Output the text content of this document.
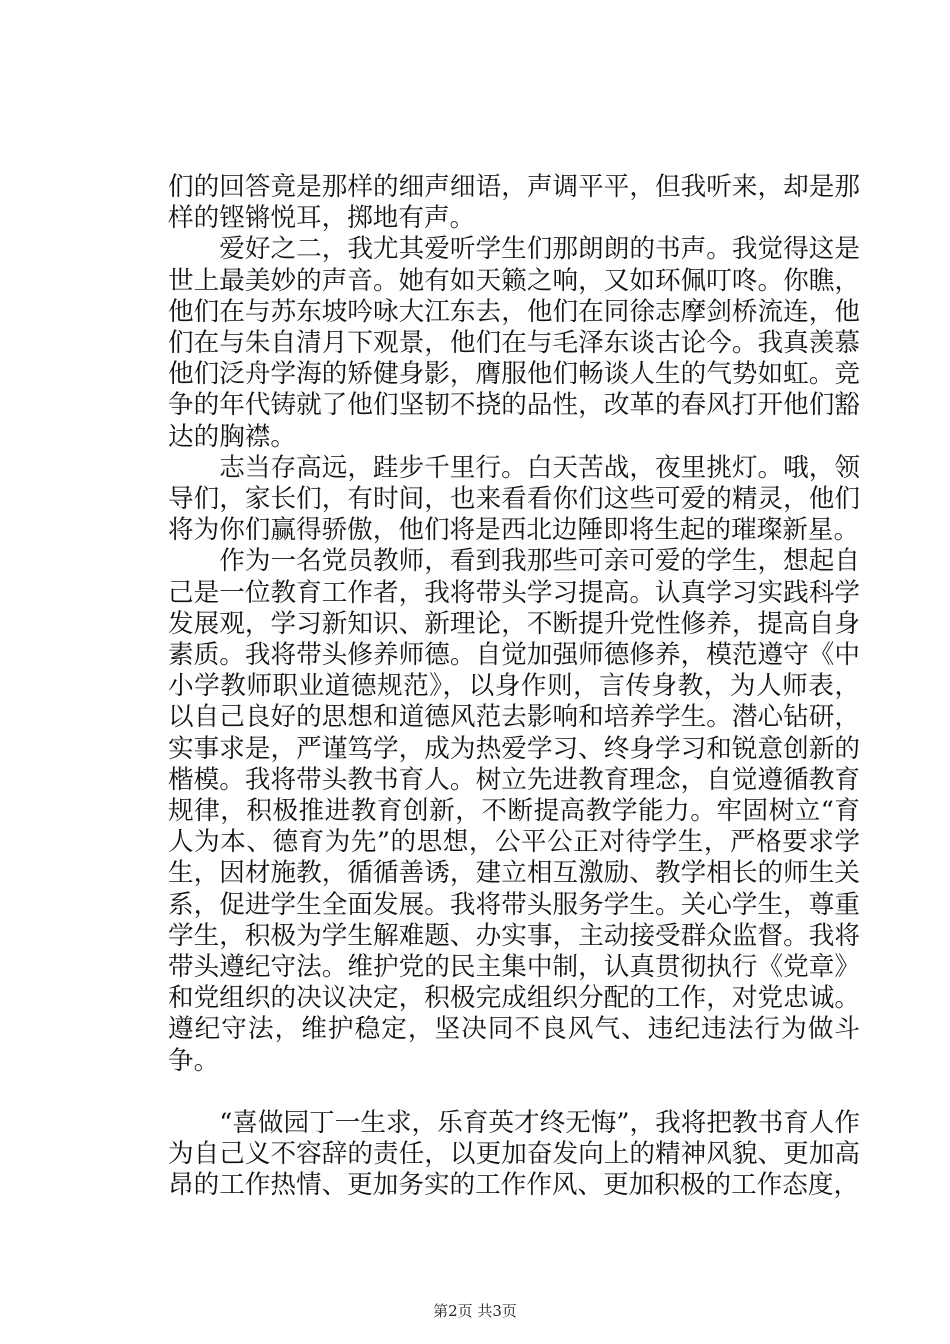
们的回答竟是那样的细声细语，声调平平，但我听来，却是那样的铿锵悦耳，掷地有声。

爱好之二，我尤其爱听学生们那朗朗的书声。我觉得这是世上最美妙的声音。她有如天籁之响，又如环佩叮咚。你瞧，他们在与苏东坡吟咏大江东去，他们在同徐志摩剑桥流连，他们在与朱自清月下观景，他们在与毛泽东谈古论今。我真羡慕他们泛舟学海的矫健身影，膺服他们畅谈人生的气势如虹。竞争的年代铸就了他们坚韧不挠的品性，改革的春风打开他们豁达的胸襟。

志当存高远，跬步千里行。白天苦战，夜里挑灯。哦，领导们，家长们，有时间，也来看看你们这些可爱的精灵，他们将为你们赢得骄傲，他们将是西北边陲即将生起的璀璨新星。

作为一名党员教师，看到我那些可亲可爱的学生，想起自己是一位教育工作者，我将带头学习提高。认真学习实践科学发展观，学习新知识、新理论，不断提升党性修养，提高自身素质。我将带头修养师德。自觉加强师德修养，模范遵守《中小学教师职业道德规范》，以身作则，言传身教，为人师表，以自己良好的思想和道德风范去影响和培养学生。潜心钻研，实事求是，严谨笃学，成为热爱学习、终身学习和锐意创新的楷模。我将带头教书育人。树立先进教育理念，自觉遵循教育规律，积极推进教育创新，不断提高教学能力。牢固树立“育人为本、德育为先”的思想，公平公正对待学生，严格要求学生，因材施教，循循善诱，建立相互激励、教学相长的师生关系，促进学生全面发展。我将带头服务学生。关心学生，尊重学生，积极为学生解难题、办实事，主动接受群众监督。我将带头遵纪守法。维护党的民主集中制，认真贯彻执行《党章》和党组织的决议决定，积极完成组织分配的工作，对党忠诚。遵纪守法，维护稳定，坚决同不良风气、违纪违法行为做斗争。

“喜做园丁一生求，乐育英才终无悔”，我将把教书育人作为自己义不容辞的责任，以更加奋发向上的精神风貌、更加高昂的工作热情、更加务实的工作作风、更加积极的工作态度，

第2页 共3页
